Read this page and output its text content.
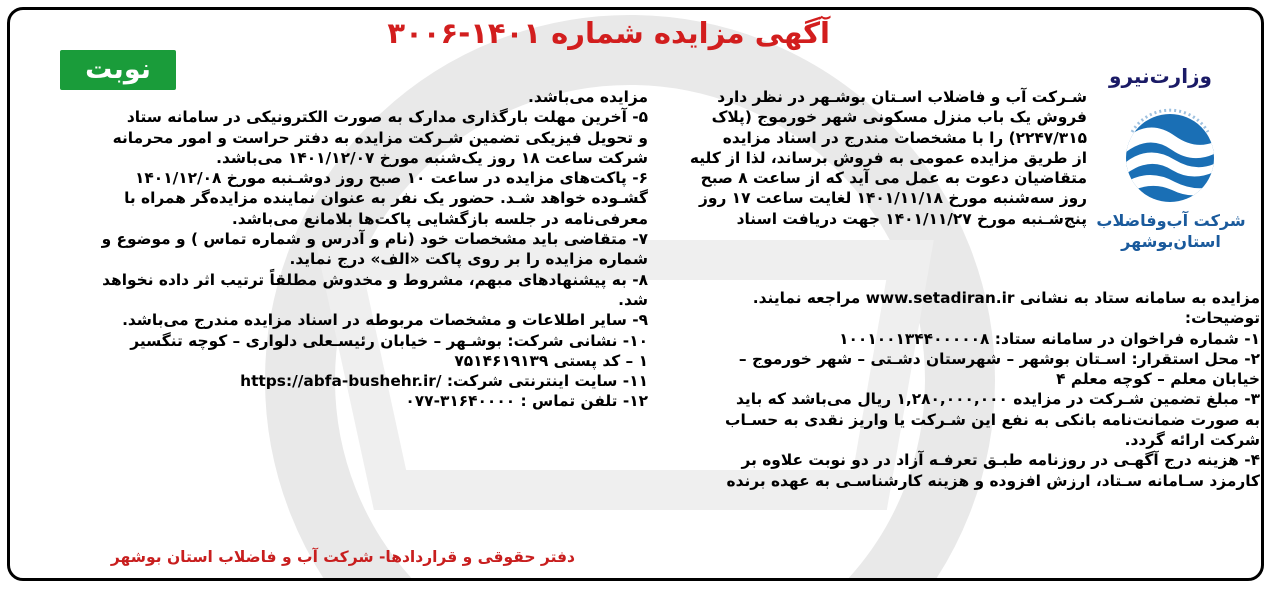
آگهی مزایده شماره ۱۴۰۱-۳۰۰۶
نوبت اول
وزارت‌نیرو
شرکت آب‌وفاضلاب استان‌بوشهر

شـرکت آب و فاضلاب اسـتان بوشـهر در نظر دارد

فروش یک باب منزل مسکونی شهر خورموج (پلاک

۲۲۴۷/۳۱۵) را با مشخصات مندرج در اسناد مزایده

از طریق مزایده عمومی به فروش برساند، لذا از کلیه

متقاضیان دعوت به عمل می آید که از ساعت ۸ صبح

روز سه‌شنبه مورخ ۱۴۰۱/۱۱/۱۸ لغایت ساعت ۱۷ روز

پنج‌شـنبه مورخ ۱۴۰۱/۱۱/۲۷ جهت دریافت اسناد

مزایده به سامانه ستاد به نشانی www.setadiran.ir مراجعه نمایند.

توضیحات:

۱- شماره فراخوان در سامانه ستاد: ۱۰۰۱۰۰۱۳۴۴۰۰۰۰۰۸

۲- محل استقرار: اسـتان بوشهر – شهرستان دشـتی – شهر خورموج –

خیابان معلم – کوچه معلم ۴

۳- مبلغ تضمین شـرکت در مزایده ۱,۲۸۰,۰۰۰,۰۰۰ ریال می‌باشد که باید

به صورت ضمانت‌نامه بانکی به نفع این شـرکت یا واریز نقدی به حسـاب

شرکت ارائه گردد.

۴- هزینه درج آگهـی در روزنامه طبـق تعرفـه آزاد در دو نوبت علاوه بر

کارمزد سـامانه سـتاد، ارزش افزوده و هزینه کارشناسـی به عهده برنده

مزایده می‌باشد.

۵- آخرین مهلت بارگذاری مدارک به صورت الکترونیکی در سامانه ستاد

و تحویل فیزیکی تضمین شـرکت مزایده به دفتر حراست و امور محرمانه

شرکت ساعت ۱۸ روز یک‌شنبه مورخ ۱۴۰۱/۱۲/۰۷ می‌باشد.

۶- پاکت‌های مزایده در ساعت ۱۰ صبح روز دوشـنبه مورخ ۱۴۰۱/۱۲/۰۸

گشـوده خواهد شـد. حضور یک نفر به عنوان نماینده مزایده‌گر همراه با

معرفی‌نامه در جلسه بازگشایی پاکت‌ها بلامانع می‌باشد.

۷- متقاضی باید مشخصات خود (نام و آدرس و شماره تماس ) و موضوع و

شماره مزایده را بر روی پاکت «الف» درج نماید.

۸- به پیشنهادهای مبهم، مشروط و مخدوش مطلقاً ترتیب اثر داده نخواهد

شد.

۹- سایر اطلاعات و مشخصات مربوطه در اسناد مزایده مندرج می‌باشد.

۱۰- نشانی شرکت: بوشـهر – خیابان رئیسـعلی دلواری – کوچه تنگسیر

۱ – کد پستی ۷۵۱۴۶۱۹۱۳۹

۱۱- سایت اینترنتی شرکت: https://abfa-bushehr.ir/

۱۲- تلفن تماس : ۳۱۶۴۰۰۰۰-۰۷۷

دفتر حقوقی و قراردادها- شرکت آب و فاضلاب استان بوشهر
